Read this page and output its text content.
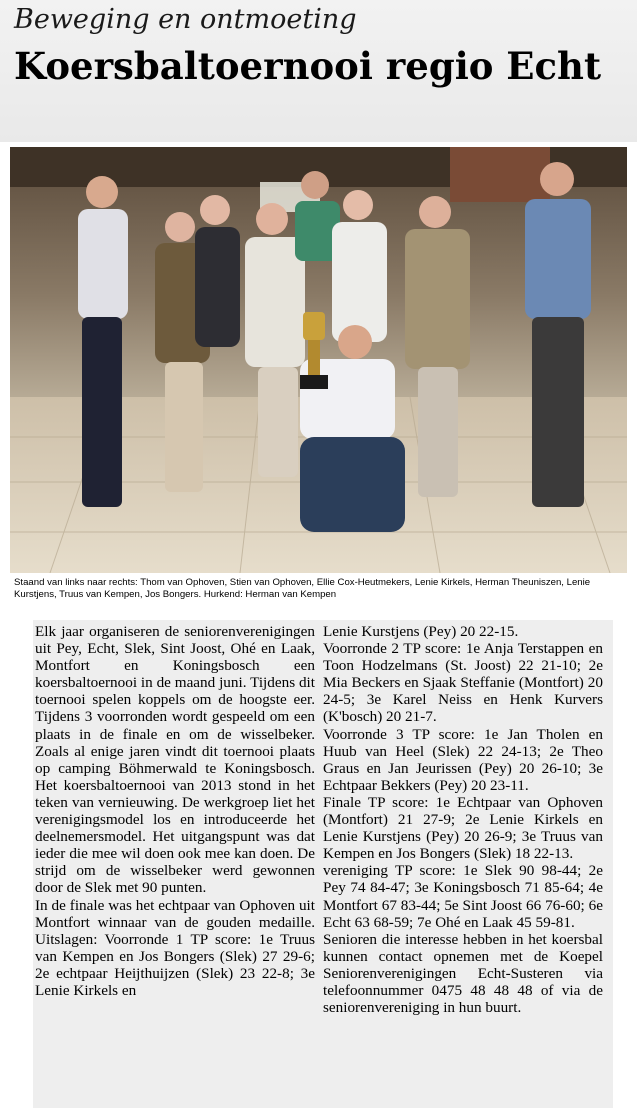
Beweging en ontmoeting
Koersbaltoernooi regio Echt
Staand van links naar rechts: Thom van Ophoven, Stien van Ophoven, Ellie Cox-Heutmekers, Lenie Kirkels, Herman Theuniszen, Lenie Kurstjens, Truus van Kempen, Jos Bongers. Hurkend: Herman van Kempen

Elk jaar organiseren de seniorenverenigingen uit Pey, Echt, Slek, Sint Joost, Ohé en Laak, Montfort en Koningsbosch een koersbaltoernooi in de maand juni. Tijdens dit toernooi spelen koppels om de hoogste eer. Tijdens 3 voorronden wordt gespeeld om een plaats in de finale en om de wisselbeker. Zoals al enige jaren vindt dit toernooi plaats op camping Böhmerwald te Koningsbosch. Het koersbaltoernooi van 2013 stond in het teken van vernieuwing. De werkgroep liet het verenigingsmodel los en introduceerde het deelnemersmodel. Het uitgangspunt was dat ieder die mee wil doen ook mee kan doen. De strijd om de wisselbeker werd gewonnen door de Slek met 90 punten.

In de finale was het echtpaar van Ophoven uit Montfort winnaar van de gouden medaille. Uitslagen: Voorronde 1 TP score: 1e Truus van Kempen en Jos Bongers (Slek) 27 29-6; 2e echtpaar Heijthuijzen (Slek) 23 22-8; 3e Lenie Kirkels en

Lenie Kurstjens (Pey) 20 22-15.

Voorronde 2 TP score: 1e Anja Terstappen en Toon Hodzelmans (St. Joost) 22 21-10; 2e Mia Beckers en Sjaak Steffanie (Montfort) 20 24-5; 3e Karel Neiss en Henk Kurvers (K'bosch) 20 21-7.

Voorronde 3 TP score: 1e Jan Tholen en Huub van Heel (Slek) 22 24-13; 2e Theo Graus en Jan Jeurissen (Pey) 20 26-10; 3e Echtpaar Bekkers (Pey) 20 23-11.

Finale TP score: 1e Echtpaar van Ophoven (Montfort) 21 27-9; 2e Lenie Kirkels en Lenie Kurstjens (Pey) 20 26-9; 3e Truus van Kempen en Jos Bongers (Slek) 18 22-13.

vereniging TP score: 1e Slek 90 98-44; 2e Pey 74 84-47; 3e Koningsbosch 71 85-64; 4e Montfort 67 83-44; 5e Sint Joost 66 76-60; 6e Echt 63 68-59; 7e Ohé en Laak 45 59-81.

Senioren die interesse hebben in het koersbal kunnen contact opnemen met de Koepel Seniorenverenigingen Echt-Susteren via telefoonnummer 0475 48 48 48 of via de seniorenvereniging in hun buurt.
